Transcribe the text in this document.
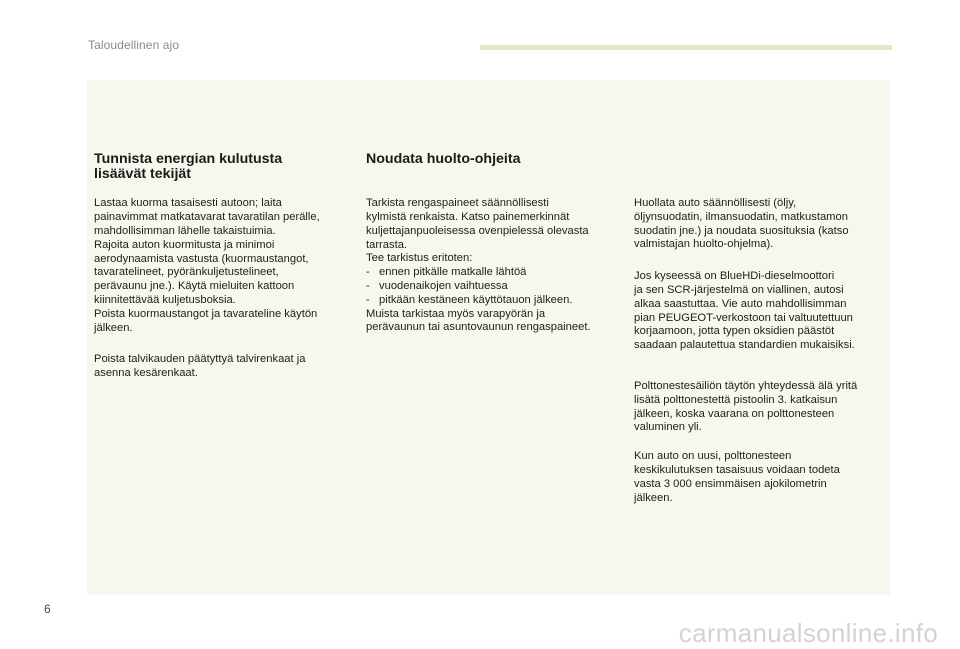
Taloudellinen ajo
Tunnista energian kulutusta
lisäävät tekijät

Lastaa kuorma tasaisesti autoon; laita
painavimmat matkatavarat tavaratilan perälle,
mahdollisimman lähelle takaistuimia.
Rajoita auton kuormitusta ja minimoi
aerodynaamista vastusta (kuormaustangot,
tavaratelineet, pyöränkuljetustelineet,
perävaunu jne.). Käytä mieluiten kattoon
kiinnitettävää kuljetusboksia.
Poista kuormaustangot ja tavarateline käytön
jälkeen.

Poista talvikauden päätyttyä talvirenkaat ja
asenna kesärenkaat.

Noudata huolto-ohjeita

Tarkista rengaspaineet säännöllisesti
kylmistä renkaista. Katso painemerkinnät
kuljettajanpuoleisessa ovenpielessä olevasta
tarrasta.
Tee tarkistus eritoten:
- ennen pitkälle matkalle lähtöä
- vuodenaikojen vaihtuessa
- pitkään kestäneen käyttötauon jälkeen.
Muista tarkistaa myös varapyörän ja
perävaunun tai asuntovaunun rengaspaineet.

Huollata auto säännöllisesti (öljy,
öljynsuodatin, ilmansuodatin, matkustamon
suodatin jne.) ja noudata suosituksia (katso
valmistajan huolto-ohjelma).

Jos kyseessä on BlueHDi-dieselmoottori
ja sen SCR-järjestelmä on viallinen, autosi
alkaa saastuttaa. Vie auto mahdollisimman
pian PEUGEOT-verkostoon tai valtuutettuun
korjaamoon, jotta typen oksidien päästöt
saadaan palautettua standardien mukaisiksi.

Polttonestesäiliön täytön yhteydessä älä yritä
lisätä polttonestettä pistoolin 3. katkaisun
jälkeen, koska vaarana on polttonesteen
valuminen yli.

Kun auto on uusi, polttonesteen
keskikulutuksen tasaisuus voidaan todeta
vasta 3 000 ensimmäisen ajokilometrin
jälkeen.

6
carmanualsonline.info
